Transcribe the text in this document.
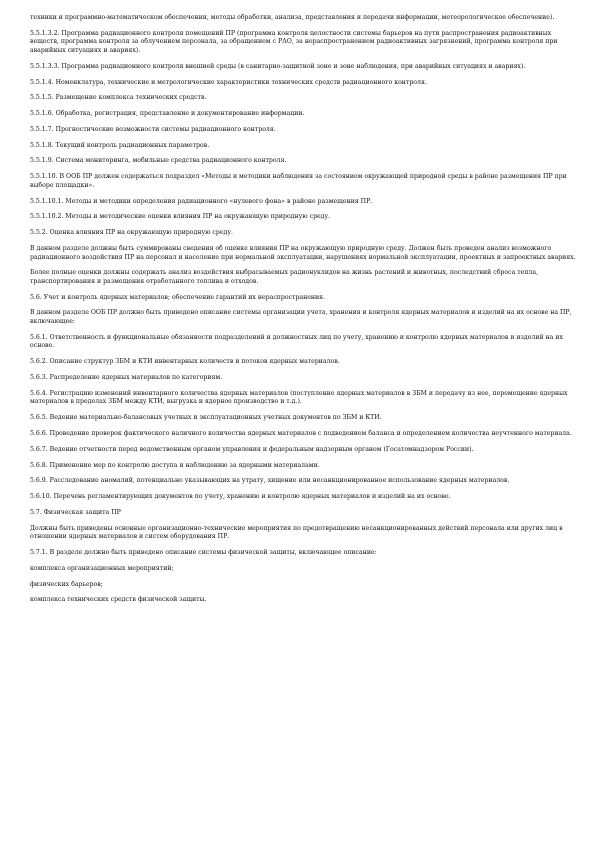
техники и программно-математическом обеспечении, методы обработки, анализа, представления и передачи информации, метеорологическое обеспечение).

5.5.1.3.2. Программа радиационного контроля помещений ПР (программа контроля целостности системы барьеров на пути распространения радиоактивных веществ, программа контроля за облучением персонала, за обращением с РАО, за нераспространением радиоактивных загрязнений, программа контроля при аварийных ситуациях и авариях).

5.5.1.3.3. Программа радиационного контроля внешней среды (в санитарно-защитной зоне и зоне наблюдения, при аварийных ситуациях и авариях).

5.5.1.4. Номенклатура, технические и метрологические характеристики технических средств радиационного контроля.

5.5.1.5. Размещение комплекса технических средств.

5.5.1.6. Обработка, регистрация, представление и документирование информации.

5.5.1.7. Прогностические возможности системы радиационного контроля.

5.5.1.8. Текущий контроль радиационных параметров.

5.5.1.9. Система мониторинга, мобильные средства радиационного контроля.

5.5.1.10. В ООБ ПР должен содержаться подраздел «Методы и методики наблюдения за состоянием окружающей природной среды в районе размещения ПР при выборе площадки».

5.5.1.10.1. Методы и методики определения радиационного «нулевого фона» в районе размещения ПР.

5.5.1.10.2. Методы и методические оценки влияния ПР на окружающую природную среду.

5.5.2. Оценка влияния ПР на окружающую природную среду.

В данном разделе должны быть суммированы сведения об оценке влияния ПР на окружающую природную среду. Должен быть проведен анализ возможного радиационного воздействия ПР на персонал и население при нормальной эксплуатации, нарушениях нормальной эксплуатации, проектных и запроектных авариях.

Более полные оценки должны содержать анализ воздействия выбрасываемых радионуклидов на жизнь растений и животных, последствий сброса тепла, транспортирования и размещения отработанного топлива и отходов.

5.6. Учет и контроль ядерных материалов; обеспечение гарантий их нераспространения.

В данном разделе ООБ ПР должно быть приведено описание системы организации учета, хранения и контроля ядерных материалов и изделий на их основе на ПР, включающее:

5.6.1. Ответственность и функциональные обязанности подразделений и должностных лиц по учету, хранению и контролю ядерных материалов и изделий на их основе.

5.6.2. Описание структур ЗБМ и КТИ инвентарных количеств и потоков ядерных материалов.

5.6.3. Распределение ядерных материалов по категориям.

5.6.4. Регистрацию изменений инвентарного количества ядерных материалов (поступление ядерных материалов в ЗБМ и передачу из нее, перемещение ядерных материалов в пределах ЗБМ между КТИ, выгрузка и ядерное производство и т.д.).

5.6.5. Ведение материально-балансовых учетных и эксплуатационных учетных документов по ЗБМ и КТИ.

5.6.6. Проведение проверок фактического наличного количества ядерных материалов с подведением баланса и определением количества неучтенного материала.

5.6.7. Ведение отчетности перед ведомственным органом управления и федеральным надзорным органом (Госатомнадзором России).

5.6.8. Применение мер по контролю доступа и наблюдению за ядерными материалами.

5.6.9. Расследование аномалий, потенциально указывающих на утрату, хищение или несанкционированное использование ядерных материалов.

5.6.10. Перечень регламентирующих документов по учету, хранению и контролю ядерных материалов и изделий на их основе.

5.7. Физическая защита ПР

Должны быть приведены основные организационно-технические мероприятия по предотвращению несанкционированных действий персонала или других лиц в отношении ядерных материалов и систем оборудования ПР.

5.7.1. В разделе должно быть приведено описание системы физической защиты, включающее описание:

комплекса организационных мероприятий;

физических барьеров;

комплекса технических средств физической защиты.
